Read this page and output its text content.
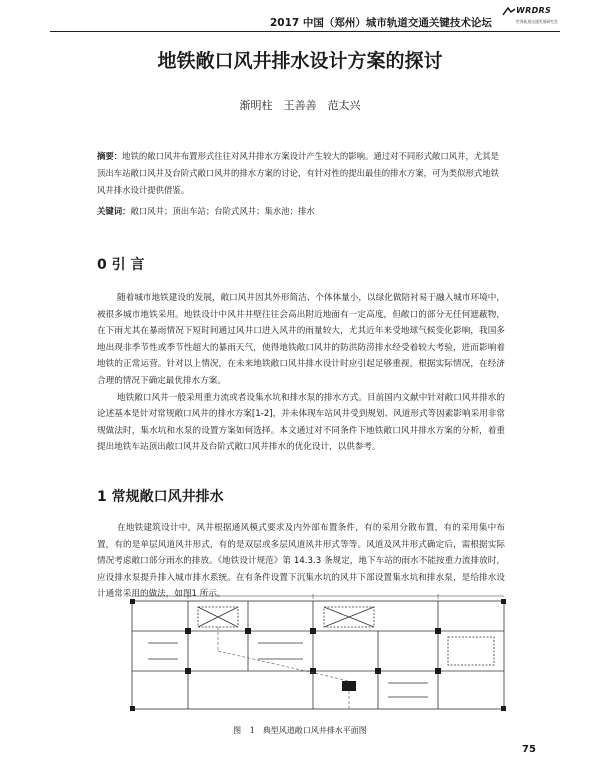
2017 中国（郑州）城市轨道交通关键技术论坛
WRDRS
世界轨道交通发展研究会
地铁敞口风井排水设计方案的探讨
渐明柱　王善善　范太兴
摘要：地铁的敞口风井布置形式往往对风井排水方案设计产生较大的影响。通过对不同形式敞口风井，尤其是顶出车站敞口风井及台阶式敞口风井的排水方案的讨论，有针对性的提出最佳的排水方案，可为类似形式地铁风井排水设计提供借鉴。
关键词：敞口风井；顶出车站；台阶式风井；集水池；排水
0 引 言

随着城市地铁建设的发展，敞口风井因其外形简洁、个体体量小，以绿化做陪衬易于融入城市环境中，被很多城市地铁采用。地铁设计中风井井壁往往会高出附近地面有一定高度，但敞口的部分无任何遮蔽物，在下雨尤其在暴雨情况下短时间通过风井口进入风井的雨量较大，尤其近年来受地球气候变化影响，我国多地出现非季节性或季节性超大的暴雨天气，使得地铁敞口风井的防洪防涝排水经受着较大考验，进而影响着地铁的正常运营。针对以上情况，在未来地铁敞口风井排水设计时应引起足够重视，根据实际情况，在经济合理的情况下确定最优排水方案。

地铁敞口风井一般采用重力流或者设集水坑和排水泵的排水方式。目前国内文献中针对敞口风井排水的论述基本是针对常规敞口风井的排水方案[1-2]，并未体现车站风井受到规划、风道形式等因素影响采用非常规做法时，集水坑和水泵的设置方案如何选择。本文通过对不同条件下地铁敞口风井排水方案的分析，着重提出地铁车站顶出敞口风井及台阶式敞口风井排水的优化设计，以供参考。

1 常规敞口风井排水

在地铁建筑设计中，风井根据通风模式要求及内外部布置条件，有的采用分散布置，有的采用集中布置，有的是单层风道风井形式，有的是双层或多层风道风井形式等等。风道及风井形式确定后，需根据实际情况考虑敞口部分雨水的排放。《地铁设计规范》第 14.3.3 条规定，地下车站的雨水不能按重力流排放时，应设排水泵提升排入城市排水系统。在有条件设置下沉集水坑的风井下部设置集水坑和排水泵，是给排水设计通常采用的做法，如图1 所示。

图 1　典型风道敞口风井排水平面图
75
